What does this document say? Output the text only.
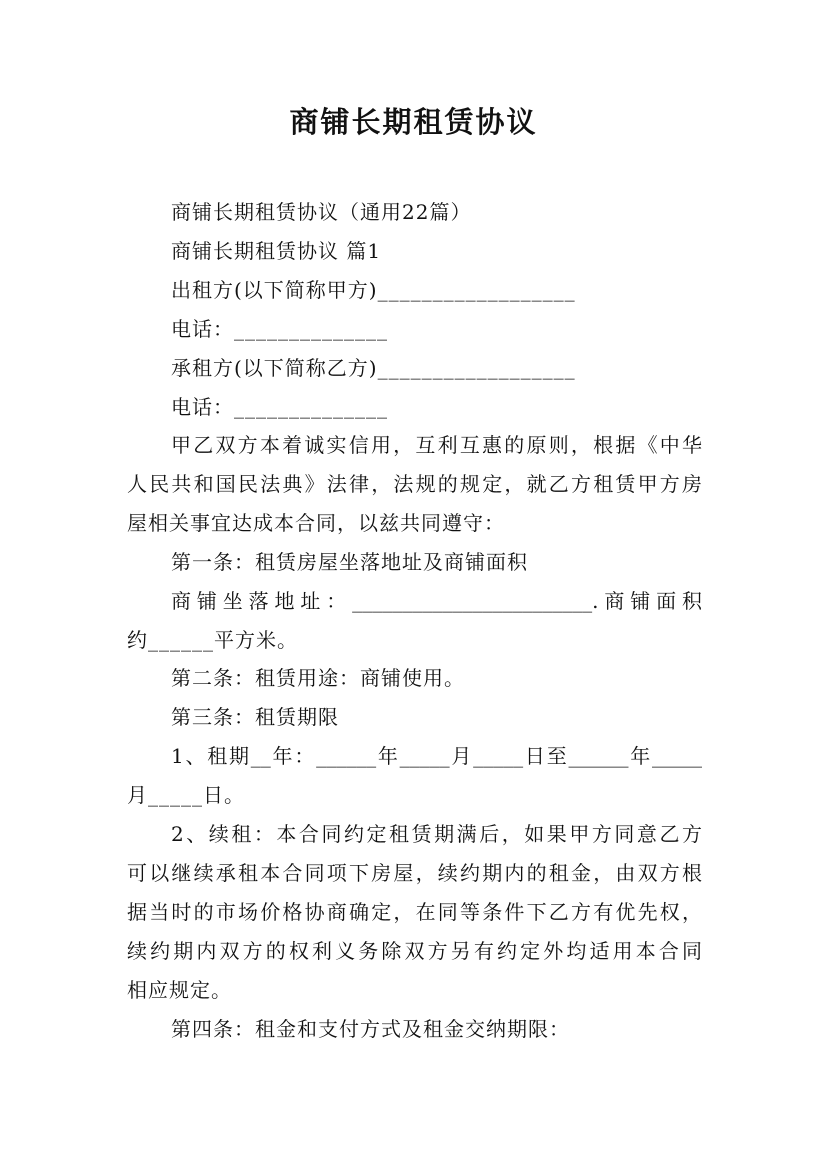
商铺长期租赁协议
商铺长期租赁协议（通用22篇）
商铺长期租赁协议 篇1
出租方(以下简称甲方)__________________
电话：______________
承租方(以下简称乙方)__________________
电话：______________
甲乙双方本着诚实信用，互利互惠的原则，根据《中华
人民共和国民法典》法律，法规的规定，就乙方租赁甲方房
屋相关事宜达成本合同，以兹共同遵守：
第一条：租赁房屋坐落地址及商铺面积
商铺坐落地址：________________________.商铺面积
约______平方米。
第二条：租赁用途：商铺使用。
第三条：租赁期限
1、租期__年：______年_____月_____日至______年_____
月_____日。
2、续租：本合同约定租赁期满后，如果甲方同意乙方
可以继续承租本合同项下房屋，续约期内的租金，由双方根
据当时的市场价格协商确定，在同等条件下乙方有优先权，
续约期内双方的权利义务除双方另有约定外均适用本合同
相应规定。
第四条：租金和支付方式及租金交纳期限：
